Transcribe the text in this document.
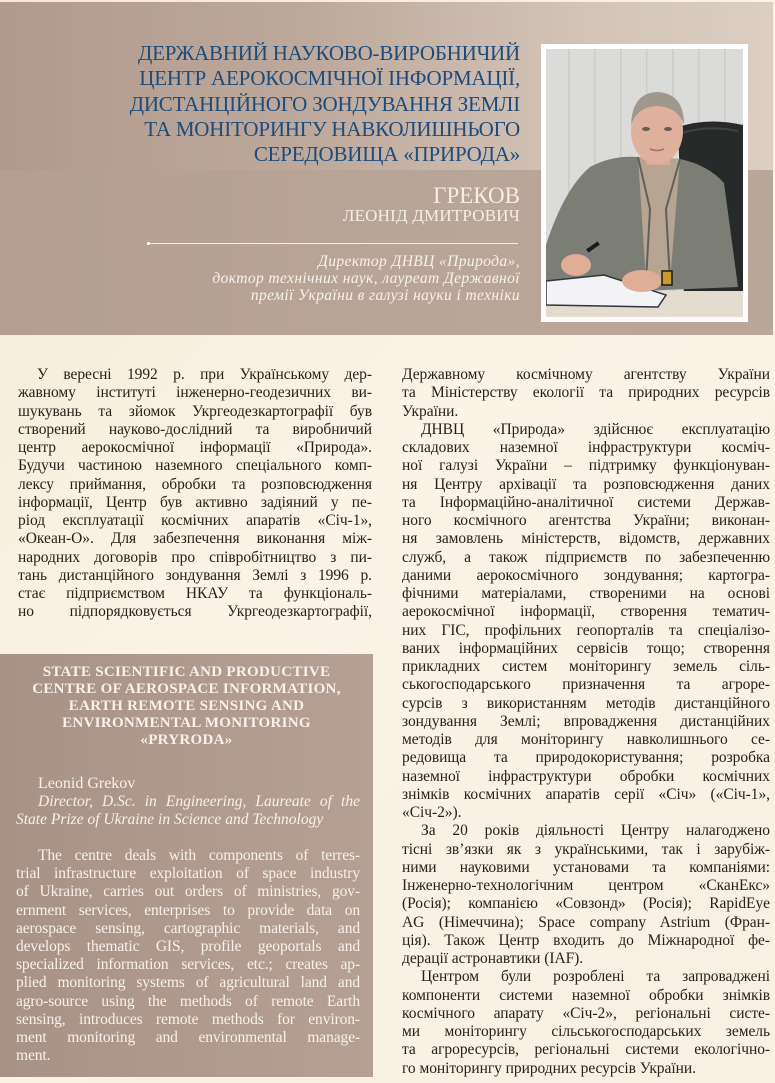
ДЕРЖАВНИЙ НАУКОВО-ВИРОБНИЧИЙ
ЦЕНТР АЕРОКОСМІЧНОЇ ІНФОРМАЦІЇ,
ДИСТАНЦІЙНОГО ЗОНДУВАННЯ ЗЕМЛІ
ТА МОНІТОРИНГУ НАВКОЛИШНЬОГО
СЕРЕДОВИЩА «ПРИРОДА»
ГРЕКОВ
ЛЕОНІД ДМИТРОВИЧ
Директор ДНВЦ «Природа»,
доктор технічних наук, лауреат Державної
премії України в галузі науки і техніки
У вересні 1992 р. при Українському дер-
жавному інституті інженерно-геодезичних ви-
шукувань та зйомок Укргеодезкартографії був
створений науково-дослідний та виробничий
центр аерокосмічної інформації «Природа».
Будучи частиною наземного спеціального комп-
лексу приймання, обробки та розповсюдження
інформації, Центр був активно задіяний у пе-
ріод експлуатації космічних апаратів «Січ-1»,
«Океан-О». Для забезпечення виконання між-
народних договорів про співробітництво з пи-
тань дистанційного зондування Землі з 1996 р.
стає підприємством НКАУ та функціональ-
но підпорядковується Укргеодезкартографії,
Державному космічному агентству України
та Міністерству екології та природних ресурсів
України.
ДНВЦ «Природа» здійснює експлуатацію
складових наземної інфраструктури косміч-
ної галузі України – підтримку функціонуван-
ня Центру архівації та розповсюдження даних
та Інформаційно-аналітичної системи Держав-
ного космічного агентства України; виконан-
ня замовлень міністерств, відомств, державних
служб, а також підприємств по забезпеченню
даними аерокосмічного зондування; картогра-
фічними матеріалами, створеними на основі
аерокосмічної інформації, створення тематич-
них ГІС, профільних геопорталів та спеціалізо-
ваних інформаційних сервісів тощо; створення
прикладних систем моніторингу земель сіль-
ськогосподарського призначення та агроре-
сурсів з використанням методів дистанційного
зондування Землі; впровадження дистанційних
методів для моніторингу навколишнього се-
редовища та природокористування; розробка
наземної інфраструктури обробки космічних
знімків космічних апаратів серії «Січ» («Січ-1»,
«Січ-2»).
За 20 років діяльності Центру налагоджено
тісні зв’язки як з українськими, так і зарубіж-
ними науковими установами та компаніями:
Інженерно-технологічним центром «СканЕкс»
(Росія); компанією «Совзонд» (Росія); RapidEye
AG (Німеччина); Space company Astrium (Фран-
ція). Також Центр входить до Міжнародної фе-
дерації астронавтики (IAF).
Центром були розроблені та запроваджені
компоненти системи наземної обробки знімків
космічного апарату «Січ-2», регіональні систе-
ми моніторингу сільськогосподарських земель
та агроресурсів, регіональні системи екологічно-
го моніторингу природних ресурсів України.
STATE SCIENTIFIC AND PRODUCTIVE
CENTRE OF AEROSPACE INFORMATION,
EARTH REMOTE SENSING AND
ENVIRONMENTAL MONITORING
«PRYRODA»
Leonid Grekov
Director, D.Sc. in Engineering, Laureate of the
State Prize of Ukraine in Science and Technology
The centre deals with components of terres-
trial infrastructure exploitation of space industry
of Ukraine, carries out orders of ministries, gov-
ernment services, enterprises to provide data on
aerospace sensing, cartographic materials, and
develops thematic GIS, profile geoportals and
specialized information services, etc.; creates ap-
plied monitoring systems of agricultural land and
agro-source using the methods of remote Earth
sensing, introduces remote methods for environ-
ment monitoring and environmental manage-
ment.
